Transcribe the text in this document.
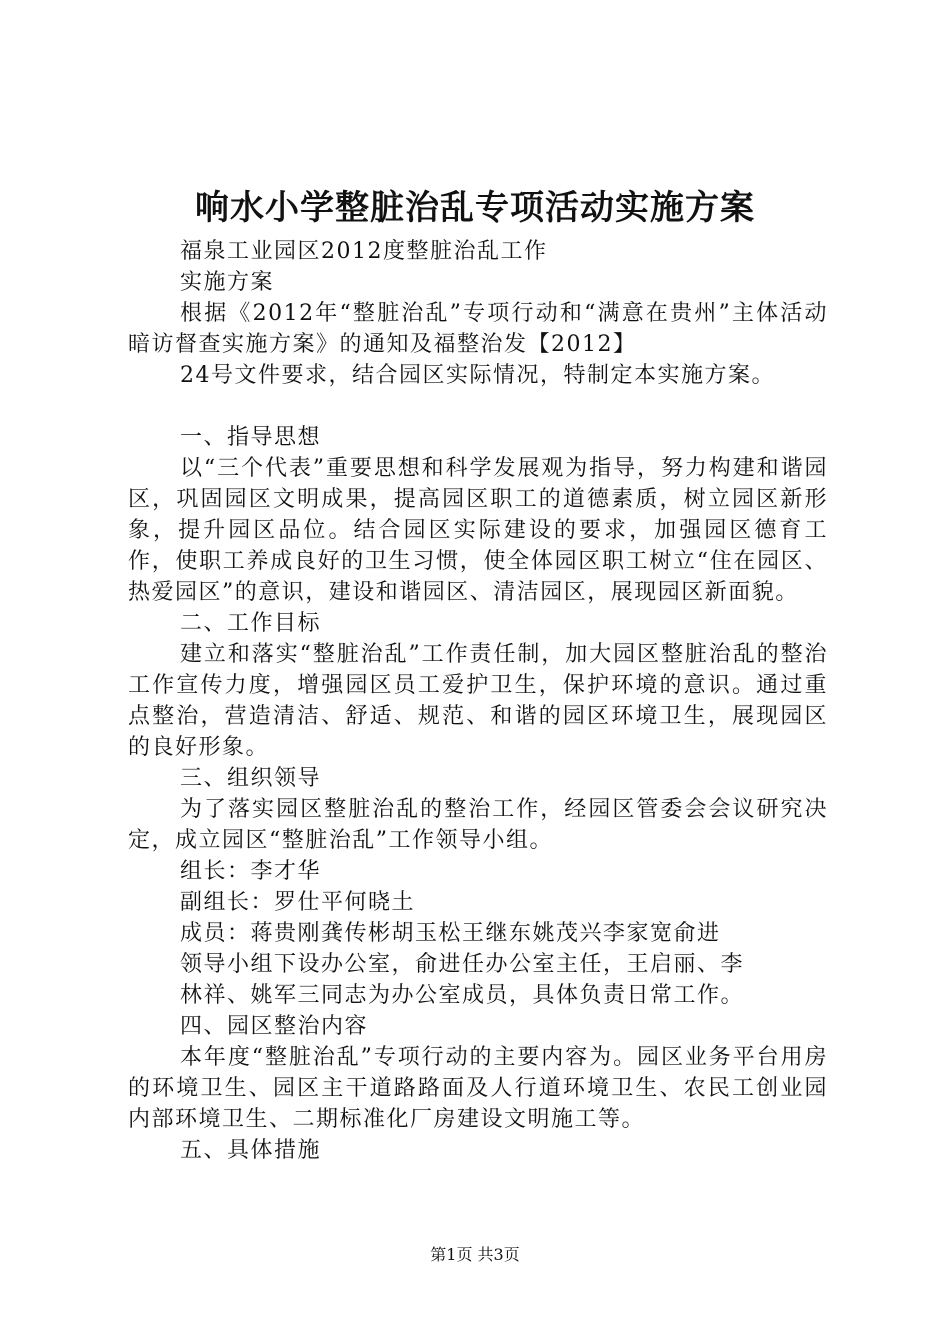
响水小学整脏治乱专项活动实施方案

福泉工业园区2012度整脏治乱工作

实施方案

根据《2012年“整脏治乱”专项行动和“满意在贵州”主体活动暗访督查实施方案》的通知及福整治发【2012】

24号文件要求，结合园区实际情况，特制定本实施方案。

一、指导思想

以“三个代表”重要思想和科学发展观为指导，努力构建和谐园区，巩固园区文明成果，提高园区职工的道德素质，树立园区新形象，提升园区品位。结合园区实际建设的要求，加强园区德育工作，使职工养成良好的卫生习惯，使全体园区职工树立“住在园区、热爱园区”的意识，建设和谐园区、清洁园区，展现园区新面貌。

二、工作目标

建立和落实“整脏治乱”工作责任制，加大园区整脏治乱的整治工作宣传力度，增强园区员工爱护卫生，保护环境的意识。通过重点整治，营造清洁、舒适、规范、和谐的园区环境卫生，展现园区的良好形象。

三、组织领导

为了落实园区整脏治乱的整治工作，经园区管委会会议研究决定，成立园区“整脏治乱”工作领导小组。

组长：李才华

副组长：罗仕平何晓土

成员：蒋贵刚龚传彬胡玉松王继东姚茂兴李家宽俞进

领导小组下设办公室，俞进任办公室主任，王启丽、李

林祥、姚军三同志为办公室成员，具体负责日常工作。

四、园区整治内容

本年度“整脏治乱”专项行动的主要内容为。园区业务平台用房的环境卫生、园区主干道路路面及人行道环境卫生、农民工创业园内部环境卫生、二期标准化厂房建设文明施工等。

五、具体措施

第1页 共3页
